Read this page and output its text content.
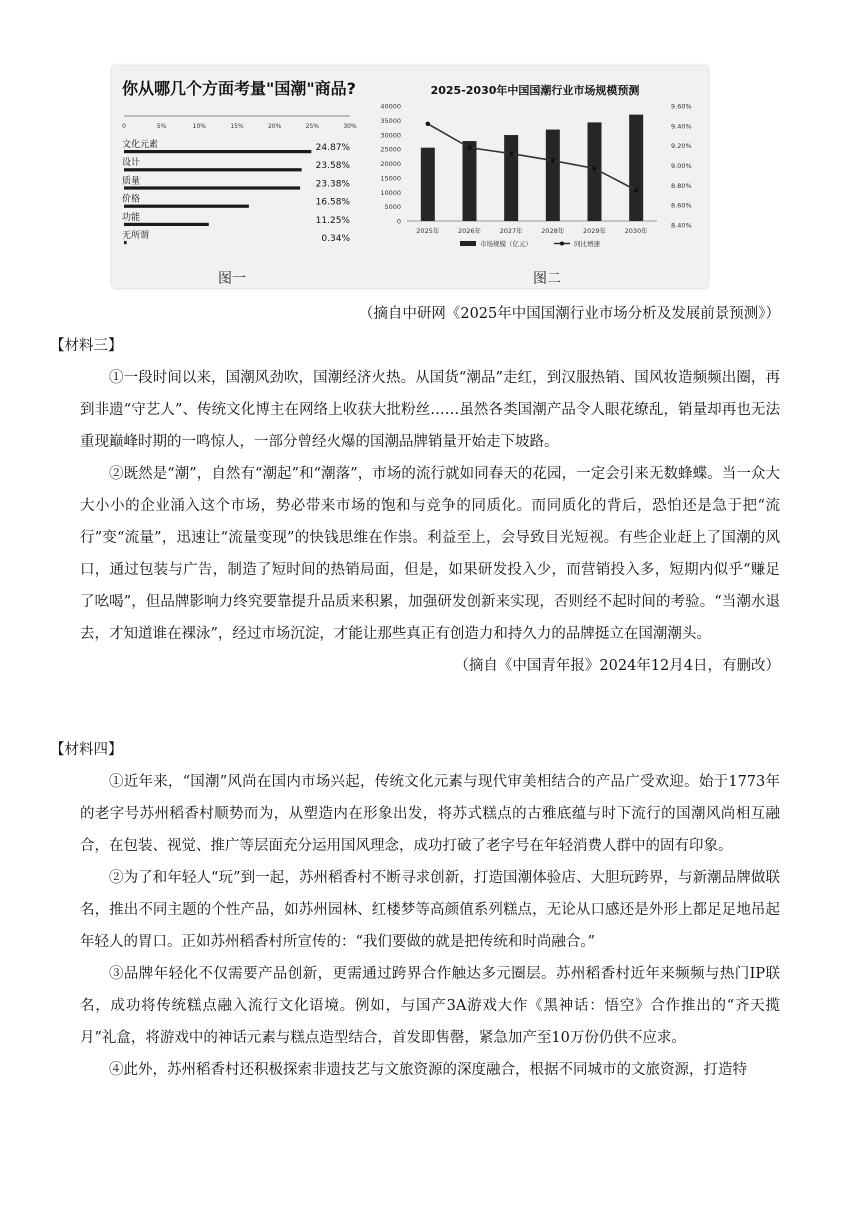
你从哪几个方面考量"国潮"商品?
0	5%	10%	15%	20%	25%	30%
文化元素	24.87%
设计	23.58%
质量	23.38%
价格	16.58%
功能	11.25%
无所谓	0.34%
2025-2030年中国国潮行业市场规模预测
0
5000
10000
15000
20000
25000
30000
35000
40000
8.40%
8.60%
8.80%
9.00%
9.20%
9.40%
9.60%
2025年	2026年	2027年	2028年	2029年	2030年
市场规模（亿元）	同比增速
图一	图二

（摘自中研网《2025年中国国潮行业市场分析及发展前景预测》）

【材料三】

①一段时间以来，国潮风劲吹，国潮经济火热。从国货“潮品”走红，到汉服热销、国风妆造频频出圈，再到非遗“守艺人”、传统文化博主在网络上收获大批粉丝……虽然各类国潮产品令人眼花缭乱，销量却再也无法重现巅峰时期的一鸣惊人，一部分曾经火爆的国潮品牌销量开始走下坡路。

②既然是“潮”，自然有“潮起”和“潮落”，市场的流行就如同春天的花园，一定会引来无数蜂蝶。当一众大大小小的企业涌入这个市场，势必带来市场的饱和与竞争的同质化。而同质化的背后，恐怕还是急于把“流行”变“流量”，迅速让“流量变现”的快钱思维在作祟。利益至上，会导致目光短视。有些企业赶上了国潮的风口，通过包装与广告，制造了短时间的热销局面，但是，如果研发投入少，而营销投入多，短期内似乎“赚足了吆喝”，但品牌影响力终究要靠提升品质来积累，加强研发创新来实现，否则经不起时间的考验。“当潮水退去，才知道谁在裸泳”，经过市场沉淀，才能让那些真正有创造力和持久力的品牌挺立在国潮潮头。

（摘自《中国青年报》2024年12月4日，有删改）

【材料四】

①近年来，“国潮”风尚在国内市场兴起，传统文化元素与现代审美相结合的产品广受欢迎。始于1773年的老字号苏州稻香村顺势而为，从塑造内在形象出发，将苏式糕点的古雅底蕴与时下流行的国潮风尚相互融合，在包装、视觉、推广等层面充分运用国风理念，成功打破了老字号在年轻消费人群中的固有印象。

②为了和年轻人“玩”到一起，苏州稻香村不断寻求创新，打造国潮体验店、大胆玩跨界，与新潮品牌做联名，推出不同主题的个性产品，如苏州园林、红楼梦等高颜值系列糕点，无论从口感还是外形上都足足地吊起年轻人的胃口。正如苏州稻香村所宣传的：“我们要做的就是把传统和时尚融合。”

③品牌年轻化不仅需要产品创新，更需通过跨界合作触达多元圈层。苏州稻香村近年来频频与热门IP联名，成功将传统糕点融入流行文化语境。例如，与国产3A游戏大作《黑神话：悟空》合作推出的“齐天揽月”礼盒，将游戏中的神话元素与糕点造型结合，首发即售罄，紧急加产至10万份仍供不应求。

④此外，苏州稻香村还积极探索非遗技艺与文旅资源的深度融合，根据不同城市的文旅资源，打造特
